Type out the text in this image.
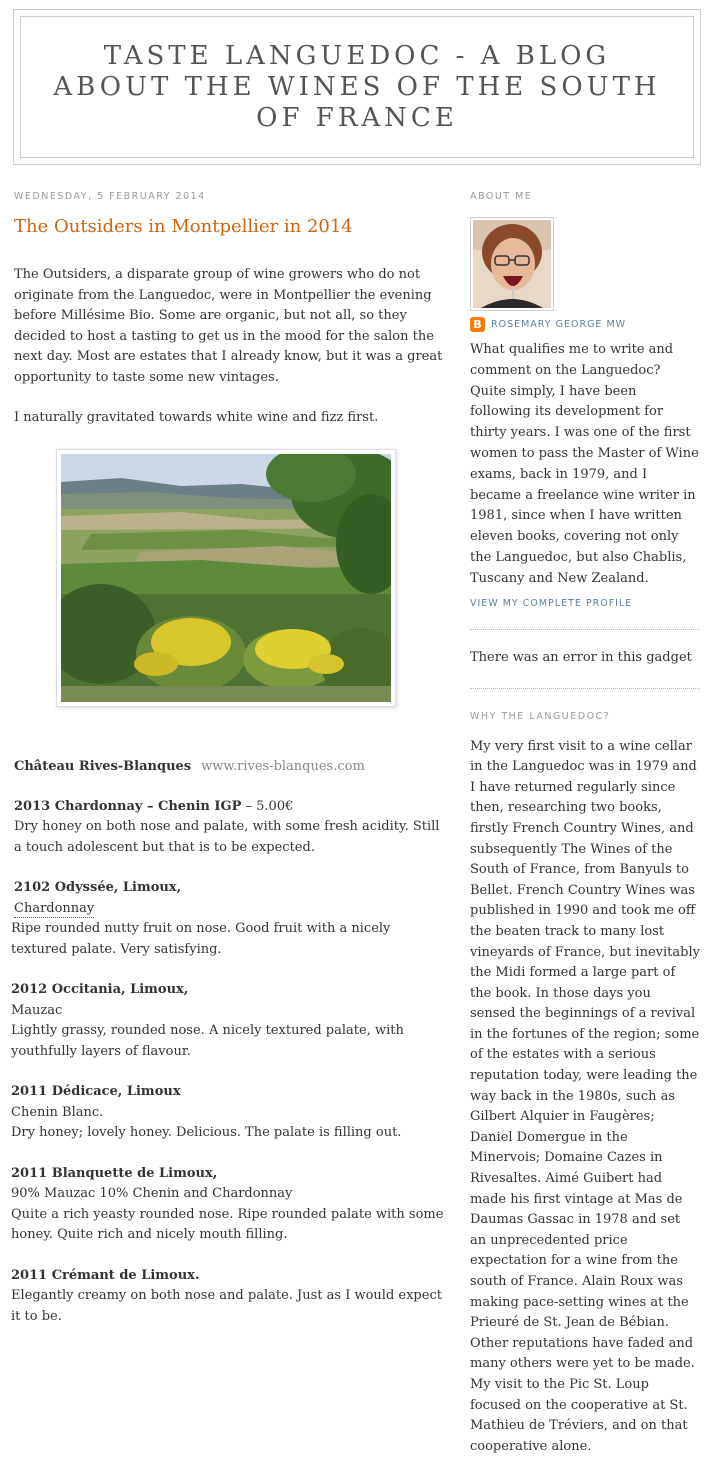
TASTE LANGUEDOC - A BLOG ABOUT THE WINES OF THE SOUTH OF FRANCE
WEDNESDAY, 5 FEBRUARY 2014
The Outsiders in Montpellier in 2014

The Outsiders, a disparate group of wine growers who do not originate from the Languedoc, were in Montpellier the evening before Millésime Bio. Some are organic, but not all, so they decided to host a tasting to get us in the mood for the salon the next day. Most are estates that I already know, but it was a great opportunity to taste some new vintages.

I naturally gravitated towards white wine and fizz first.

Château Rives-Blanques www.rives-blanques.com
2013 Chardonnay – Chenin IGP – 5.00€
Dry honey on both nose and palate, with some fresh acidity. Still a touch adolescent but that is to be expected.
2102 Odyssée, Limoux,
Chardonnay
Ripe rounded nutty fruit on nose. Good fruit with a nicely textured palate. Very satisfying.
2012 Occitania, Limoux,
Mauzac
Lightly grassy, rounded nose. A nicely textured palate, with youthfully layers of flavour.
2011 Dédicace, Limoux
Chenin Blanc.
Dry honey; lovely honey. Delicious. The palate is filling out.
2011 Blanquette de Limoux,
90% Mauzac 10% Chenin and Chardonnay
Quite a rich yeasty rounded nose. Ripe rounded palate with some honey. Quite rich and nicely mouth filling.
2011 Crémant de Limoux.
Elegantly creamy on both nose and palate. Just as I would expect it to be.
ABOUT ME
B ROSEMARY GEORGE MW
What qualifies me to write and comment on the Languedoc? Quite simply, I have been following its development for thirty years. I was one of the first women to pass the Master of Wine exams, back in 1979, and I became a freelance wine writer in 1981, since when I have written eleven books, covering not only the Languedoc, but also Chablis, Tuscany and New Zealand.
VIEW MY COMPLETE PROFILE
There was an error in this gadget
WHY THE LANGUEDOC?
My very first visit to a wine cellar in the Languedoc was in 1979 and I have returned regularly since then, researching two books, firstly French Country Wines, and subsequently The Wines of the South of France, from Banyuls to Bellet. French Country Wines was published in 1990 and took me off the beaten track to many lost vineyards of France, but inevitably the Midi formed a large part of the book. In those days you sensed the beginnings of a revival in the fortunes of the region; some of the estates with a serious reputation today, were leading the way back in the 1980s, such as Gilbert Alquier in Faugères; Daniel Domergue in the Minervois; Domaine Cazes in Rivesaltes. Aimé Guibert had made his first vintage at Mas de Daumas Gassac in 1978 and set an unprecedented price expectation for a wine from the south of France. Alain Roux was making pace-setting wines at the Prieuré de St. Jean de Bébian. Other reputations have faded and many others were yet to be made. My visit to the Pic St. Loup focused on the cooperative at St. Mathieu de Tréviers, and on that cooperative alone.
